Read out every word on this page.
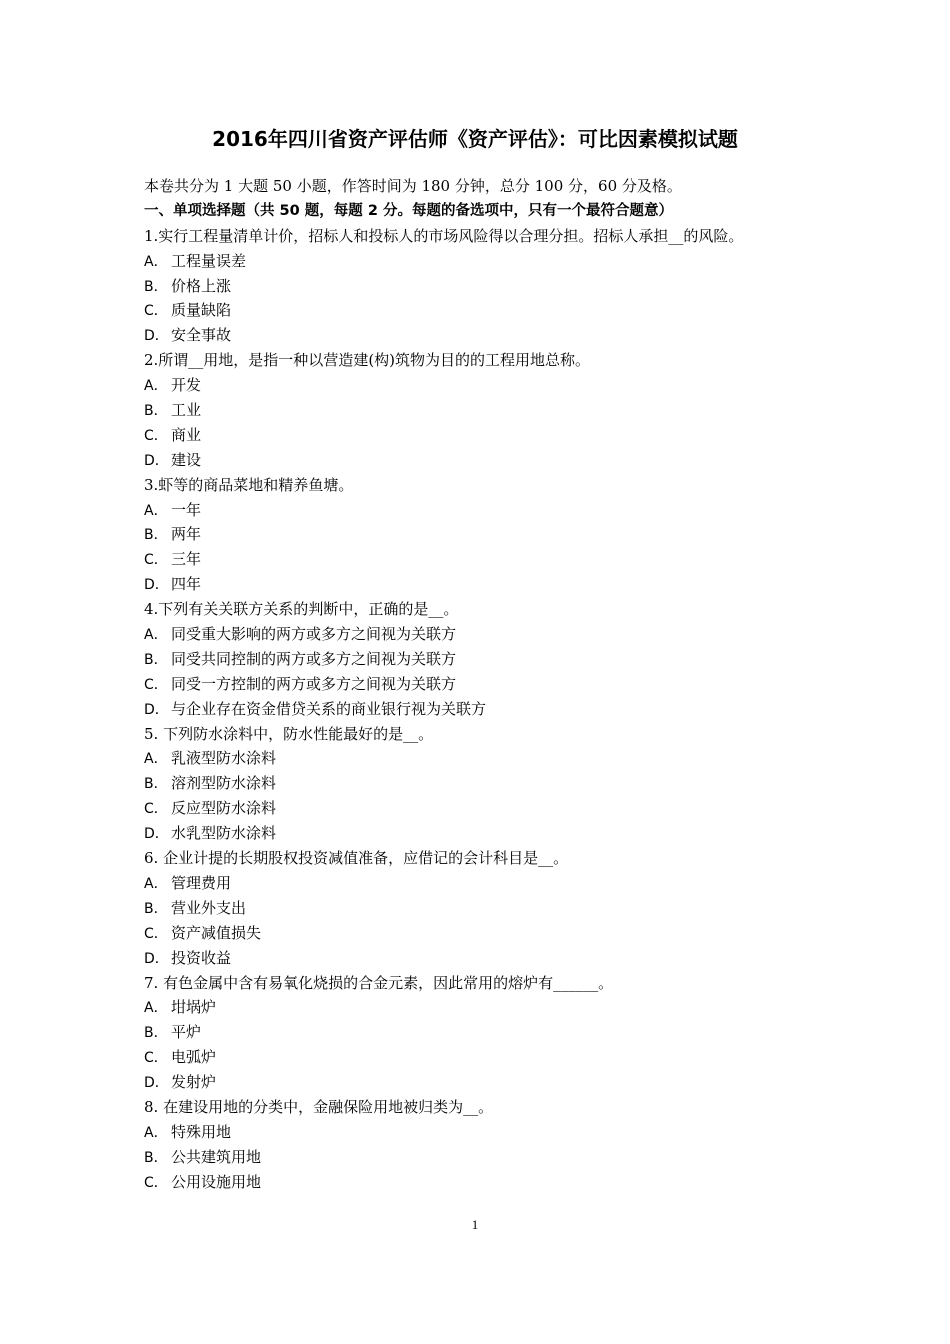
2016年四川省资产评估师《资产评估》：可比因素模拟试题
本卷共分为 1 大题 50 小题，作答时间为 180 分钟，总分 100 分，60 分及格。
一、单项选择题（共 50 题，每题 2 分。每题的备选项中，只有一个最符合题意）
1.实行工程量清单计价，招标人和投标人的市场风险得以合理分担。招标人承担__的风险。
A． 工程量误差
B． 价格上涨
C． 质量缺陷
D． 安全事故
2.所谓__用地，是指一种以营造建(构)筑物为目的的工程用地总称。
A． 开发
B． 工业
C． 商业
D． 建设
3.虾等的商品菜地和精养鱼塘。
A． 一年
B． 两年
C． 三年
D． 四年
4.下列有关关联方关系的判断中，正确的是__。
A． 同受重大影响的两方或多方之间视为关联方
B． 同受共同控制的两方或多方之间视为关联方
C． 同受一方控制的两方或多方之间视为关联方
D． 与企业存在资金借贷关系的商业银行视为关联方
5. 下列防水涂料中，防水性能最好的是__。
A． 乳液型防水涂料
B． 溶剂型防水涂料
C． 反应型防水涂料
D． 水乳型防水涂料
6. 企业计提的长期股权投资减值准备，应借记的会计科目是__。
A． 管理费用
B． 营业外支出
C． 资产减值损失
D． 投资收益
7. 有色金属中含有易氧化烧损的合金元素，因此常用的熔炉有______。
A． 坩埚炉
B． 平炉
C． 电弧炉
D． 发射炉
8. 在建设用地的分类中，金融保险用地被归类为__。
A． 特殊用地
B． 公共建筑用地
C． 公用设施用地
1
